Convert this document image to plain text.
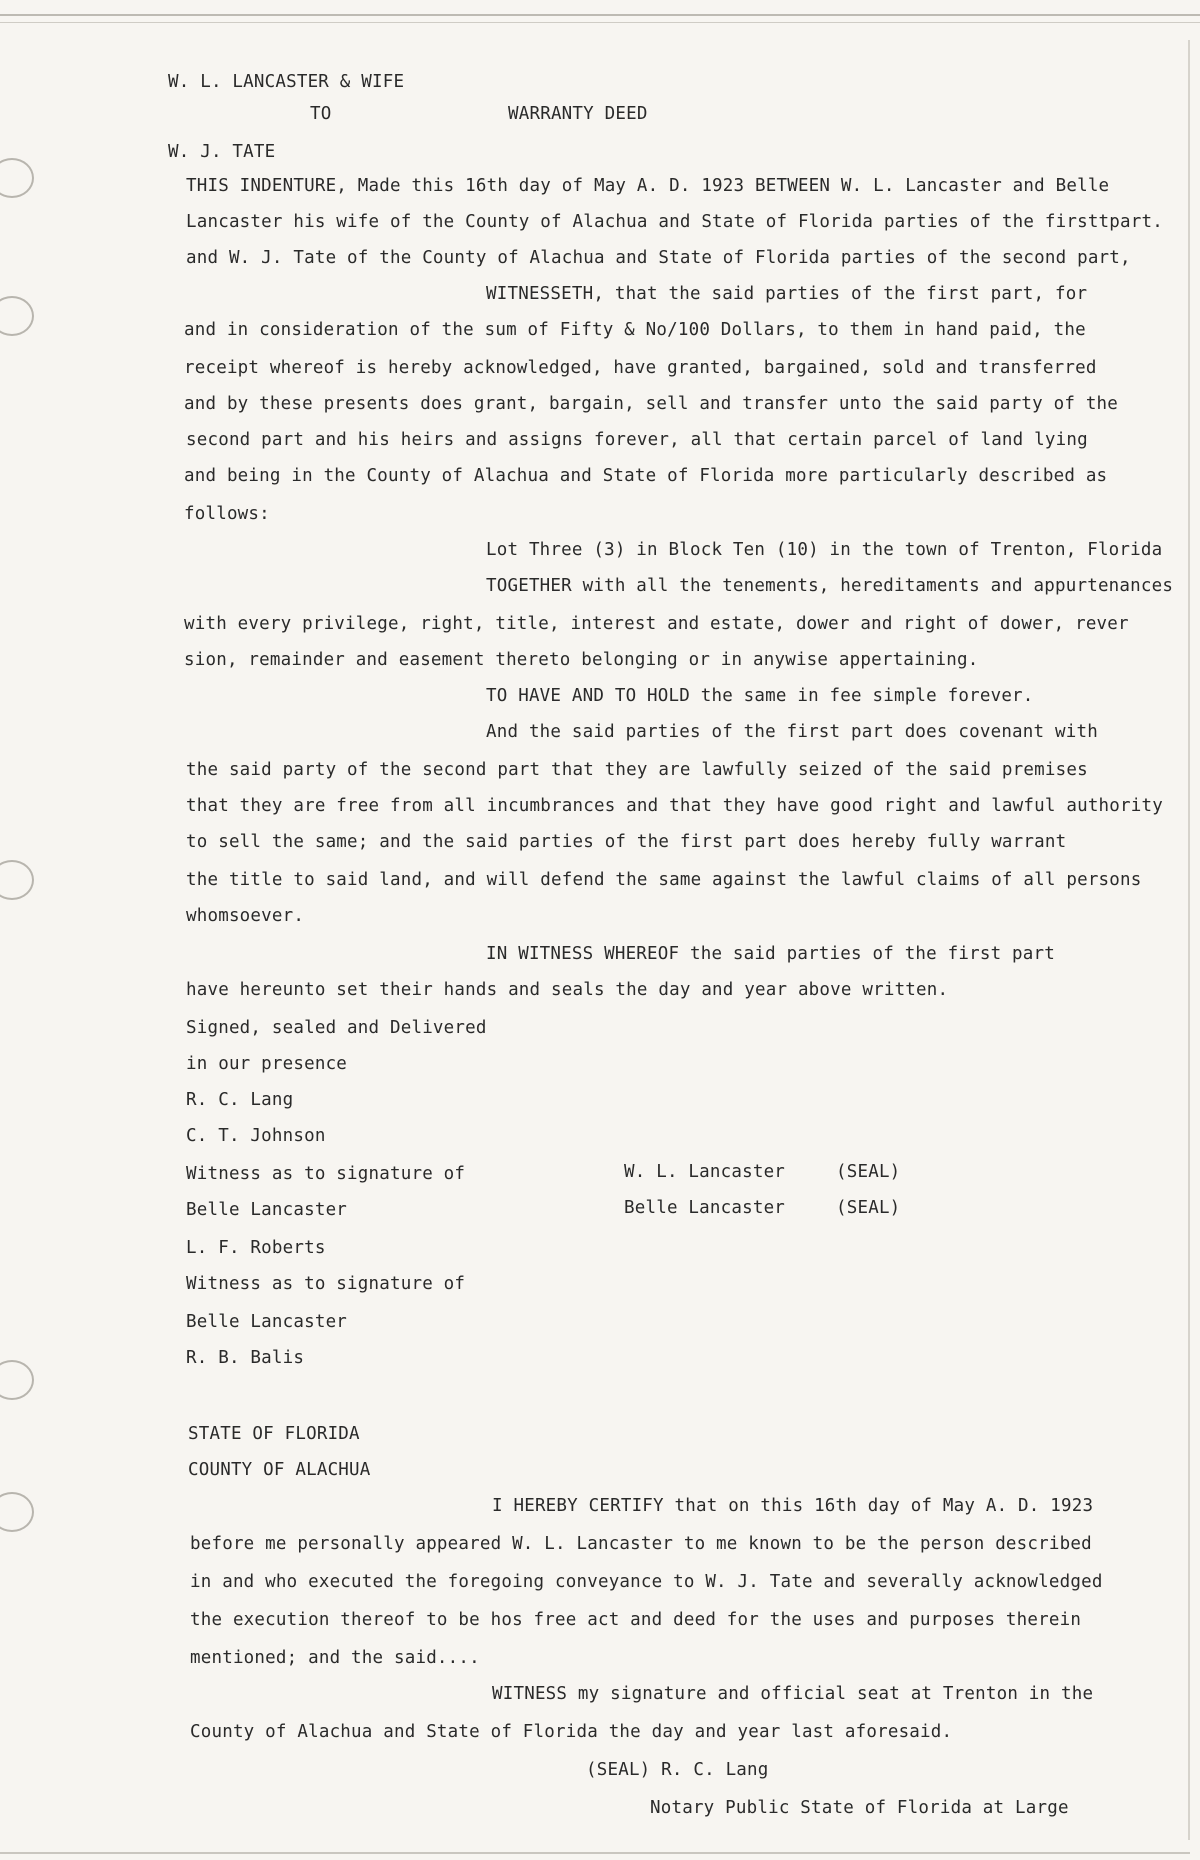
W. L. LANCASTER & WIFE
TO	WARRANTY DEED
W. J. TATE
THIS INDENTURE, Made this 16th day of May A. D. 1923 BETWEEN W. L. Lancaster and Belle
Lancaster his wife of the County of Alachua and State of Florida parties of the firsttpart.
and W. J. Tate of the County of Alachua and State of Florida parties of the second part,
WITNESSETH, that the said parties of the first part, for
and in consideration of the sum of Fifty & No/100 Dollars, to them in hand paid, the
receipt whereof is hereby acknowledged, have granted, bargained, sold and transferred
and by these presents does grant, bargain, sell and transfer unto the said party of the
second part and his heirs and assigns forever, all that certain parcel of land lying
and being in the County of Alachua and State of Florida more particularly described as
follows:
Lot Three (3) in Block Ten (10) in the town of Trenton, Florida
TOGETHER with all the tenements, hereditaments and appurtenances
with every privilege, right, title, interest and estate, dower and right of dower, rever
sion, remainder and easement thereto belonging or in anywise appertaining.
TO HAVE AND TO HOLD the same in fee simple forever.
And the said parties of the first part does covenant with
the said party of the second part that they are lawfully seized of the said premises
that they are free from all incumbrances and that they have good right and lawful authority
to sell the same; and the said parties of the first part does hereby fully warrant
the title to said land, and will defend the same against the lawful claims of all persons
whomsoever.
IN WITNESS WHEREOF the said parties of the first part
have hereunto set their hands and seals the day and year above written.
Signed, sealed and Delivered
in our presence
R. C. Lang
C. T. Johnson
Witness as to signature of
Belle Lancaster
L. F. Roberts
Witness as to signature of
Belle Lancaster
R. B. Balis
W. L. Lancaster	(SEAL)
Belle Lancaster	(SEAL)
STATE OF FLORIDA
COUNTY OF ALACHUA
I HEREBY CERTIFY that on this 16th day of May A. D. 1923
before me personally appeared W. L. Lancaster to me known to be the person described
in and who executed the foregoing conveyance to W. J. Tate and severally acknowledged
the execution thereof to be hos free act and deed for the uses and purposes therein
mentioned; and the said....
WITNESS my signature and official seat at Trenton in the
County of Alachua and State of Florida the day and year last aforesaid.
(SEAL) R. C. Lang
Notary Public State of Florida at Large
